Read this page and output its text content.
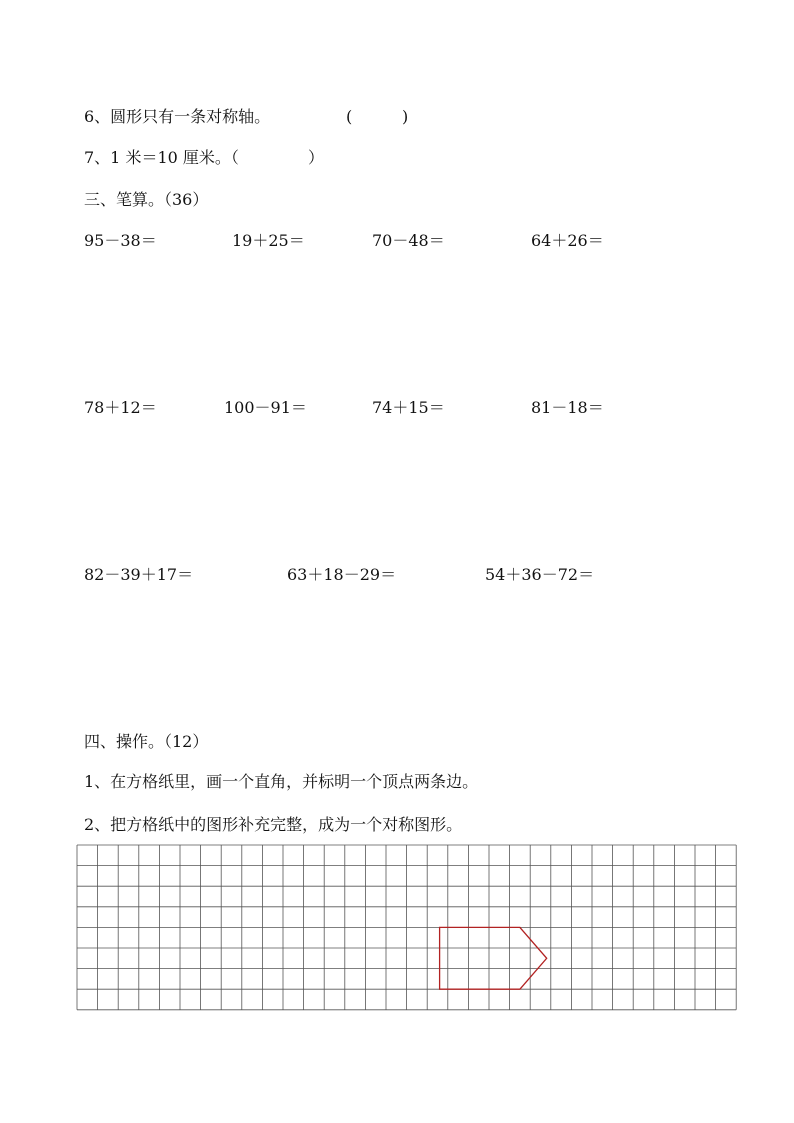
6、圆形只有一条对称轴。	(	)
7、1 米＝10 厘米。（	）
三、笔算。（36）
95－38＝	19＋25＝	70－48＝	64＋26＝
78＋12＝	100－91＝	74＋15＝	81－18＝
82－39＋17＝	63＋18－29＝	54＋36－72＝
四、操作。（12）
1、在方格纸里，画一个直角，并标明一个顶点两条边。
2、把方格纸中的图形补充完整，成为一个对称图形。
